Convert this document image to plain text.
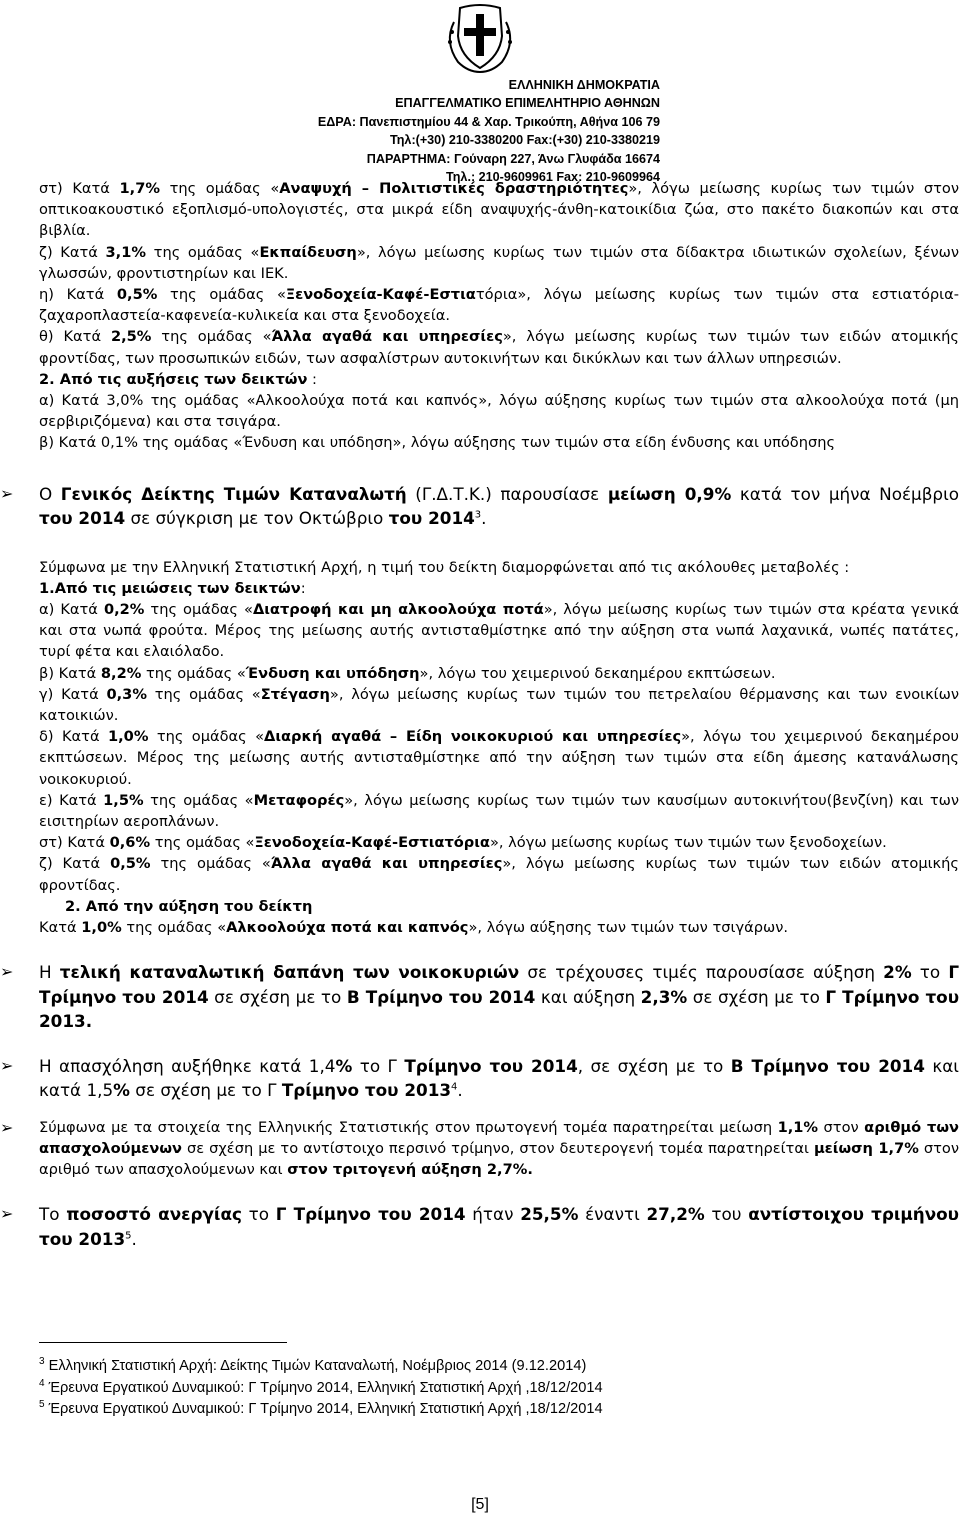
ΕΛΛΗΝΙΚΗ ΔΗΜΟΚΡΑΤΙΑ
ΕΠΑΓΓΕΛΜΑΤΙΚΟ ΕΠΙΜΕΛΗΤΗΡΙΟ ΑΘΗΝΩΝ
ΕΔΡΑ: Πανεπιστημίου 44 & Χαρ. Τρικούπη, Αθήνα 106 79
Τηλ:(+30) 210-3380200 Fax:(+30) 210-3380219
ΠΑΡΑΡΤΗΜΑ: Γούναρη 227, Άνω Γλυφάδα 16674
Τηλ.: 210-9609961 Fax: 210-9609964

στ) Κατά 1,7% της ομάδας «Αναψυχή – Πολιτιστικές δραστηριότητες», λόγω μείωσης κυρίως των τιμών στον οπτικοακουστικό εξοπλισμό-υπολογιστές, στα μικρά είδη αναψυχής-άνθη-κατοικίδια ζώα, στο πακέτο διακοπών και στα βιβλία.

ζ) Κατά 3,1% της ομάδας «Εκπαίδευση», λόγω μείωσης κυρίως των τιμών στα δίδακτρα ιδιωτικών σχολείων, ξένων γλωσσών, φροντιστηρίων και ΙΕΚ.

η) Κατά 0,5% της ομάδας «Ξενοδοχεία-Καφέ-Εστιατόρια», λόγω μείωσης κυρίως των τιμών στα εστιατόρια-ζαχαροπλαστεία-καφενεία-κυλικεία και στα ξενοδοχεία.

θ) Κατά 2,5% της ομάδας «Άλλα αγαθά και υπηρεσίες», λόγω μείωσης κυρίως των τιμών των ειδών ατομικής φροντίδας, των προσωπικών ειδών, των ασφαλίστρων αυτοκινήτων και δικύκλων και των άλλων υπηρεσιών.

2. Από τις αυξήσεις των δεικτών :

α) Κατά 3,0% της ομάδας «Αλκοολούχα ποτά και καπνός», λόγω αύξησης κυρίως των τιμών στα αλκοολούχα ποτά (μη σερβιριζόμενα) και στα τσιγάρα.

β) Κατά 0,1% της ομάδας «Ένδυση και υπόδηση», λόγω αύξησης των τιμών στα είδη ένδυσης και υπόδησης

➢ Ο Γενικός Δείκτης Τιμών Καταναλωτή (Γ.Δ.Τ.Κ.) παρουσίασε μείωση 0,9% κατά τον μήνα Νοέμβριο του 2014 σε σύγκριση με τον Οκτώβριο του 2014$^3$.

Σύμφωνα με την Ελληνική Στατιστική Αρχή, η τιμή του δείκτη διαμορφώνεται από τις ακόλουθες μεταβολές :

1.Από τις μειώσεις των δεικτών:

α) Κατά 0,2% της ομάδας «Διατροφή και μη αλκοολούχα ποτά», λόγω μείωσης κυρίως των τιμών στα κρέατα γενικά και στα νωπά φρούτα. Μέρος της μείωσης αυτής αντισταθμίστηκε από την αύξηση στα νωπά λαχανικά, νωπές πατάτες, τυρί φέτα και ελαιόλαδο.

β) Κατά 8,2% της ομάδας «Ένδυση και υπόδηση», λόγω του χειμερινού δεκαημέρου εκπτώσεων.

γ) Κατά 0,3% της ομάδας «Στέγαση», λόγω μείωσης κυρίως των τιμών του πετρελαίου θέρμανσης και των ενοικίων κατοικιών.

δ) Κατά 1,0% της ομάδας «Διαρκή αγαθά – Είδη νοικοκυριού και υπηρεσίες», λόγω του χειμερινού δεκαημέρου εκπτώσεων. Μέρος της μείωσης αυτής αντισταθμίστηκε από την αύξηση των τιμών στα είδη άμεσης κατανάλωσης νοικοκυριού.

ε) Κατά 1,5% της ομάδας «Μεταφορές», λόγω μείωσης κυρίως των τιμών των καυσίμων αυτοκινήτου(βενζίνη) και των εισιτηρίων αεροπλάνων.

στ) Κατά 0,6% της ομάδας «Ξενοδοχεία-Καφέ-Εστιατόρια», λόγω μείωσης κυρίως των τιμών των ξενοδοχείων.

ζ) Κατά 0,5% της ομάδας «Άλλα αγαθά και υπηρεσίες», λόγω μείωσης κυρίως των τιμών των ειδών ατομικής φροντίδας.

2. Από την αύξηση του δείκτη

Κατά 1,0% της ομάδας «Αλκοολούχα ποτά και καπνός», λόγω αύξησης των τιμών των τσιγάρων.

➢ Η τελική καταναλωτική δαπάνη των νοικοκυριών σε τρέχουσες τιμές παρουσίασε αύξηση 2% το Γ Τρίμηνο του 2014 σε σχέση με το Β Τρίμηνο του 2014 και αύξηση 2,3% σε σχέση με το Γ Τρίμηνο του 2013.

➢ Η απασχόληση αυξήθηκε κατά 1,4% το Γ Τρίμηνο του 2014, σε σχέση με το Β Τρίμηνο του 2014 και κατά 1,5% σε σχέση με το Γ Τρίμηνο του 2013$^4$.

➢ Σύμφωνα με τα στοιχεία της Ελληνικής Στατιστικής στον πρωτογενή τομέα παρατηρείται μείωση 1,1% στον αριθμό των απασχολούμενων σε σχέση με το αντίστοιχο περσινό τρίμηνο, στον δευτερογενή τομέα παρατηρείται μείωση 1,7% στον αριθμό των απασχολούμενων και στον τριτογενή αύξηση 2,7%.

➢ Το ποσοστό ανεργίας το Γ Τρίμηνο του 2014 ήταν 25,5% έναντι 27,2% του αντίστοιχου τριμήνου του 2013$^5$.

$^3$ Ελληνική Στατιστική Αρχή: Δείκτης Τιμών Καταναλωτή, Νοέμβριος 2014 (9.12.2014)
$^4$ Έρευνα Εργατικού Δυναμικού: Γ Τρίμηνο 2014, Ελληνική Στατιστική Αρχή ,18/12/2014
$^5$ Έρευνα Εργατικού Δυναμικού: Γ Τρίμηνο 2014, Ελληνική Στατιστική Αρχή ,18/12/2014
[5]
